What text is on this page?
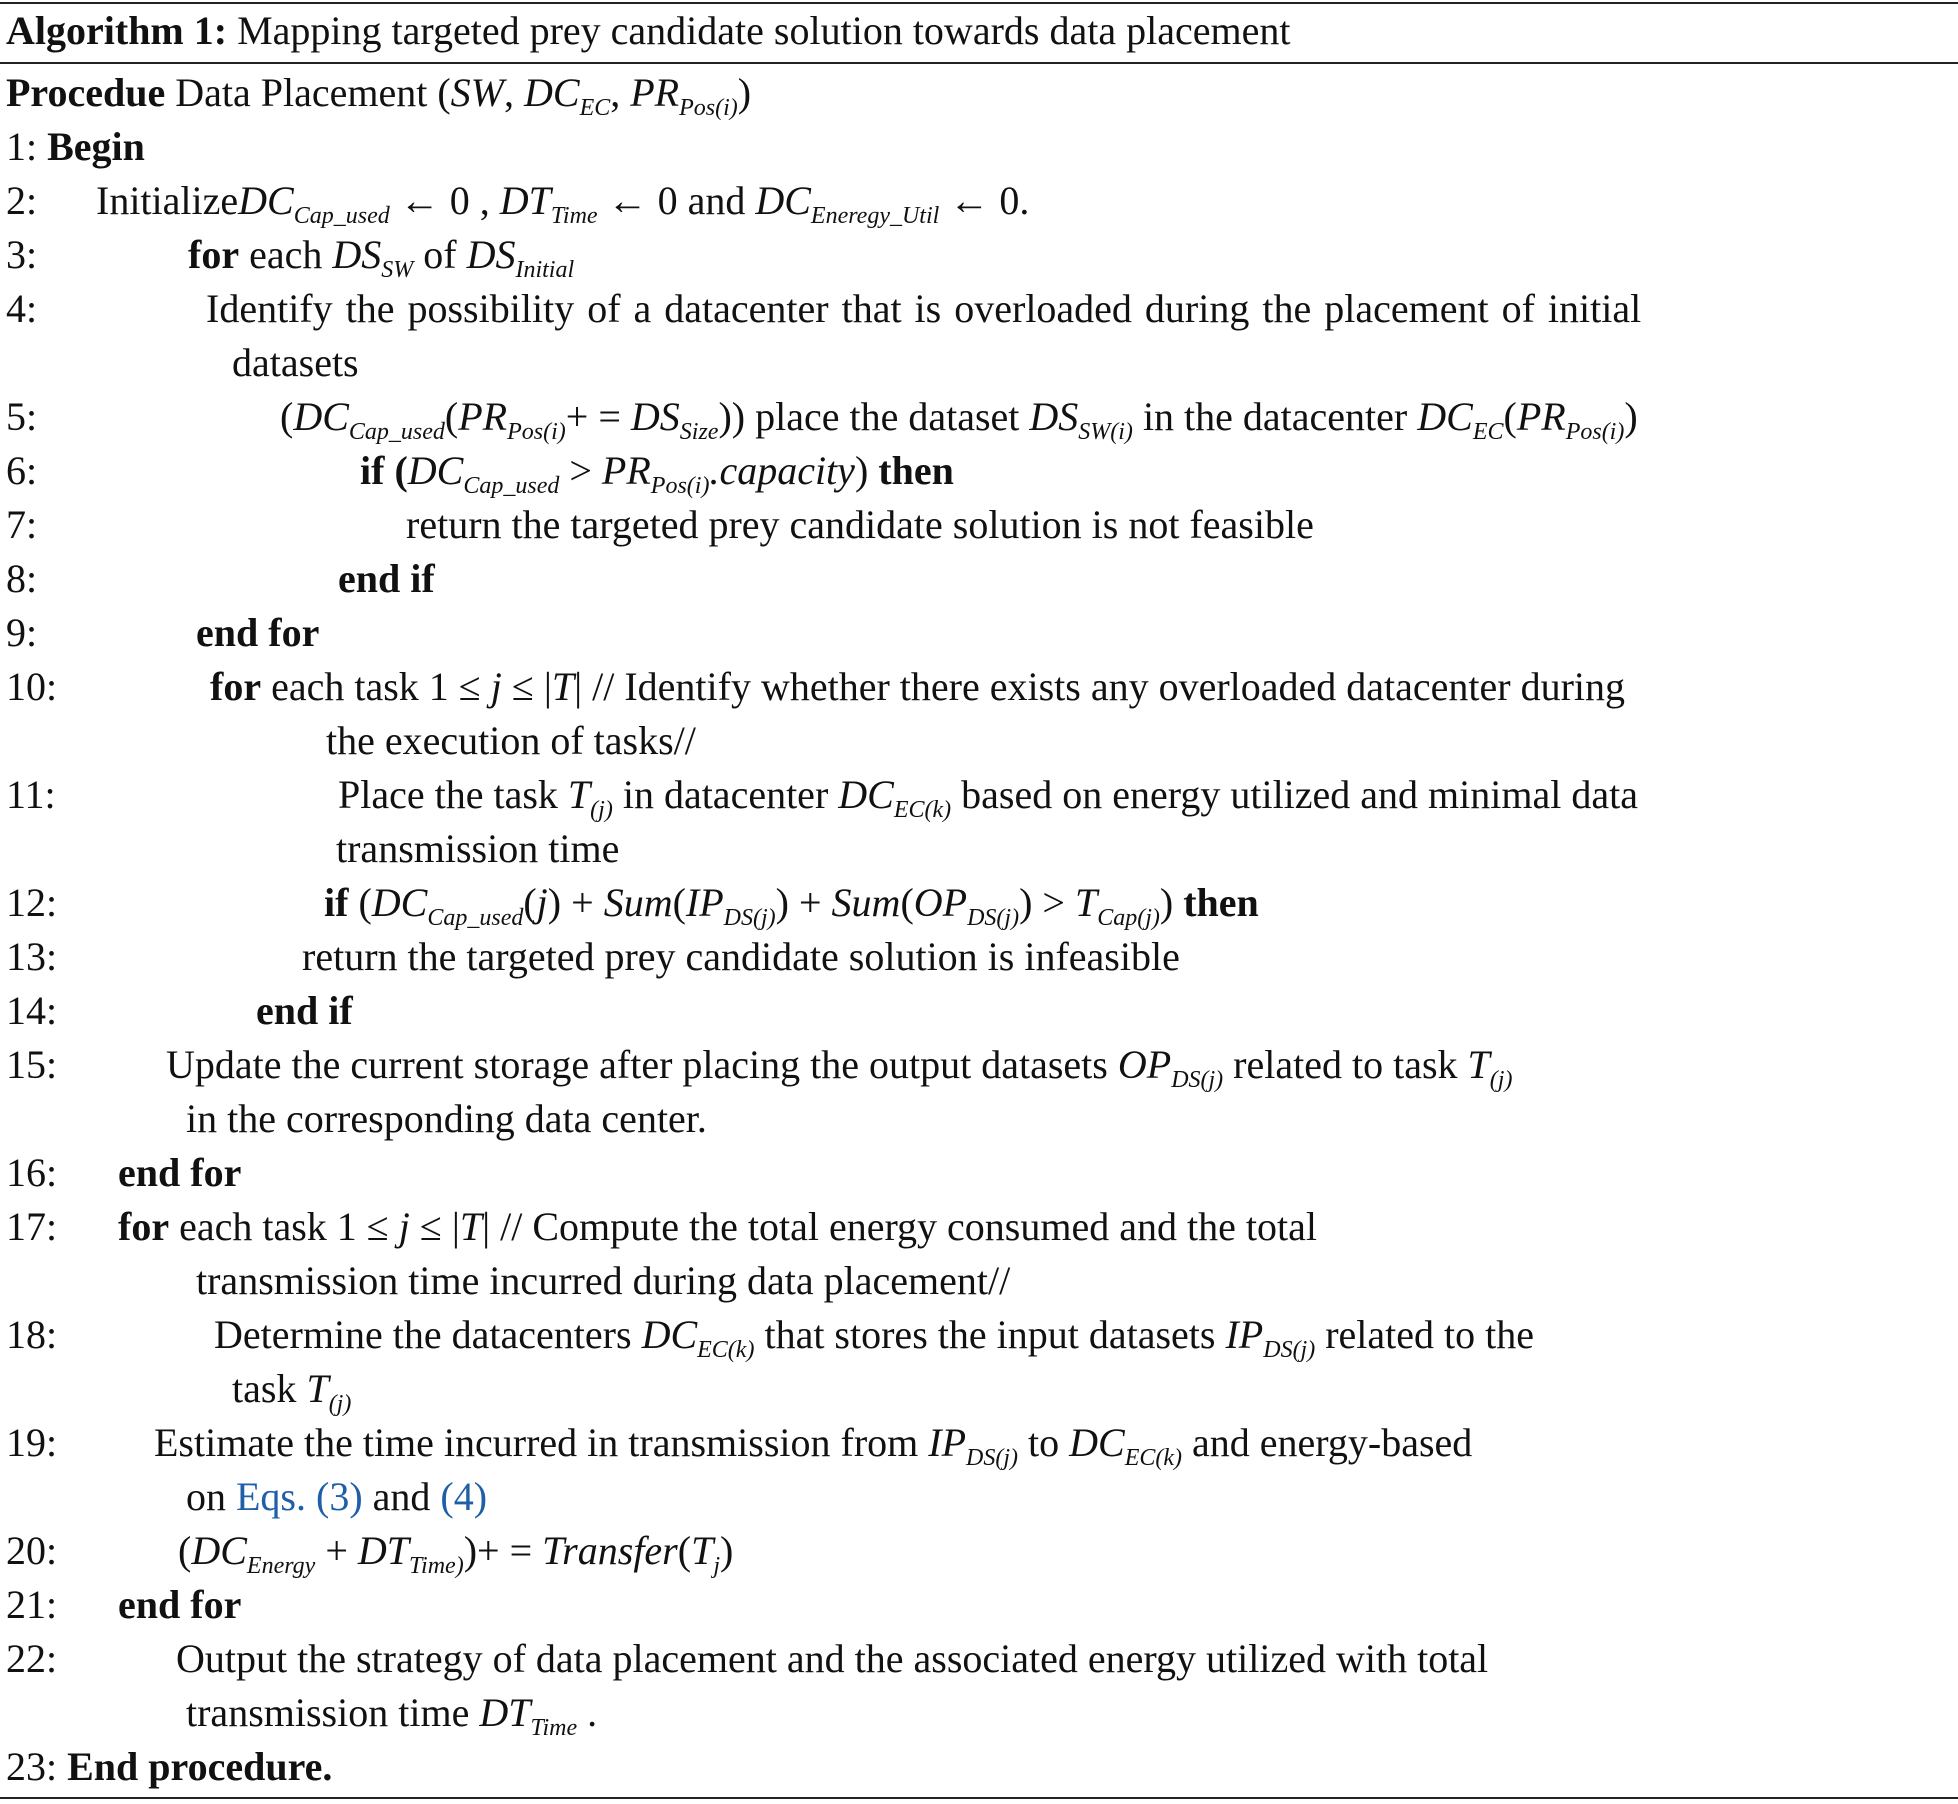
Algorithm 1: Mapping targeted prey candidate solution towards data placement
Procedue Data Placement (SW, $DC_{EC}$, $PR_{Pos(i)}$)
1: Begin
2: InitializeDC$_{Cap\_used}$ ← 0 , $DT_{Time}$ ← 0 and $DC_{Eneregy\_Util}$ ← 0.
3:	for each $DS_{SW}$ of $DS_{Initial}$
4:	Identify the possibility of a datacenter that is overloaded during the placement of initial
datasets
5:	$(DC_{Cap\_used}(PR_{Pos(i)}+ = DS_{Size}))$ place the dataset $DS_{SW(i)}$ in the datacenter $DC_{EC}(PR_{Pos(i)})$
6:	if ($DC_{Cap\_used}$ > $PR_{Pos(i)}.capacity$) then
7:	return the targeted prey candidate solution is not feasible
8:	end if
9:	end for
10:	for each task 1 ≤ j ≤ |T| // Identify whether there exists any overloaded datacenter during
the execution of tasks//
11:	Place the task $T_{(j)}$ in datacenter $DC_{EC(k)}$ based on energy utilized and minimal data
transmission time
12:	if $(DC_{Cap\_used}(j) + Sum(IP_{DS(j)}) + Sum(OP_{DS(j)}) > T_{Cap(j)})$ then
13:	return the targeted prey candidate solution is infeasible
14:	end if
15:	Update the current storage after placing the output datasets $OP_{DS(j)}$ related to task $T_{(j)}$
in the corresponding data center.
16: end for
17: for each task 1 ≤ j ≤ |T| // Compute the total energy consumed and the total
transmission time incurred during data placement//
18:	Determine the datacenters $DC_{EC(k)}$ that stores the input datasets $IP_{DS(j)}$ related to the
task $T_{(j)}$
19: Estimate the time incurred in transmission from $IP_{DS(j)}$ to $DC_{EC(k)}$ and energy-based
on Eqs. (3) and (4)
20:	$(DC_{Energy} + DT_{Time)})+$ = $Transfer(T_j)$
21: end for
22:	Output the strategy of data placement and the associated energy utilized with total
transmission time $DT_{Time}$ .
23: End procedure.
